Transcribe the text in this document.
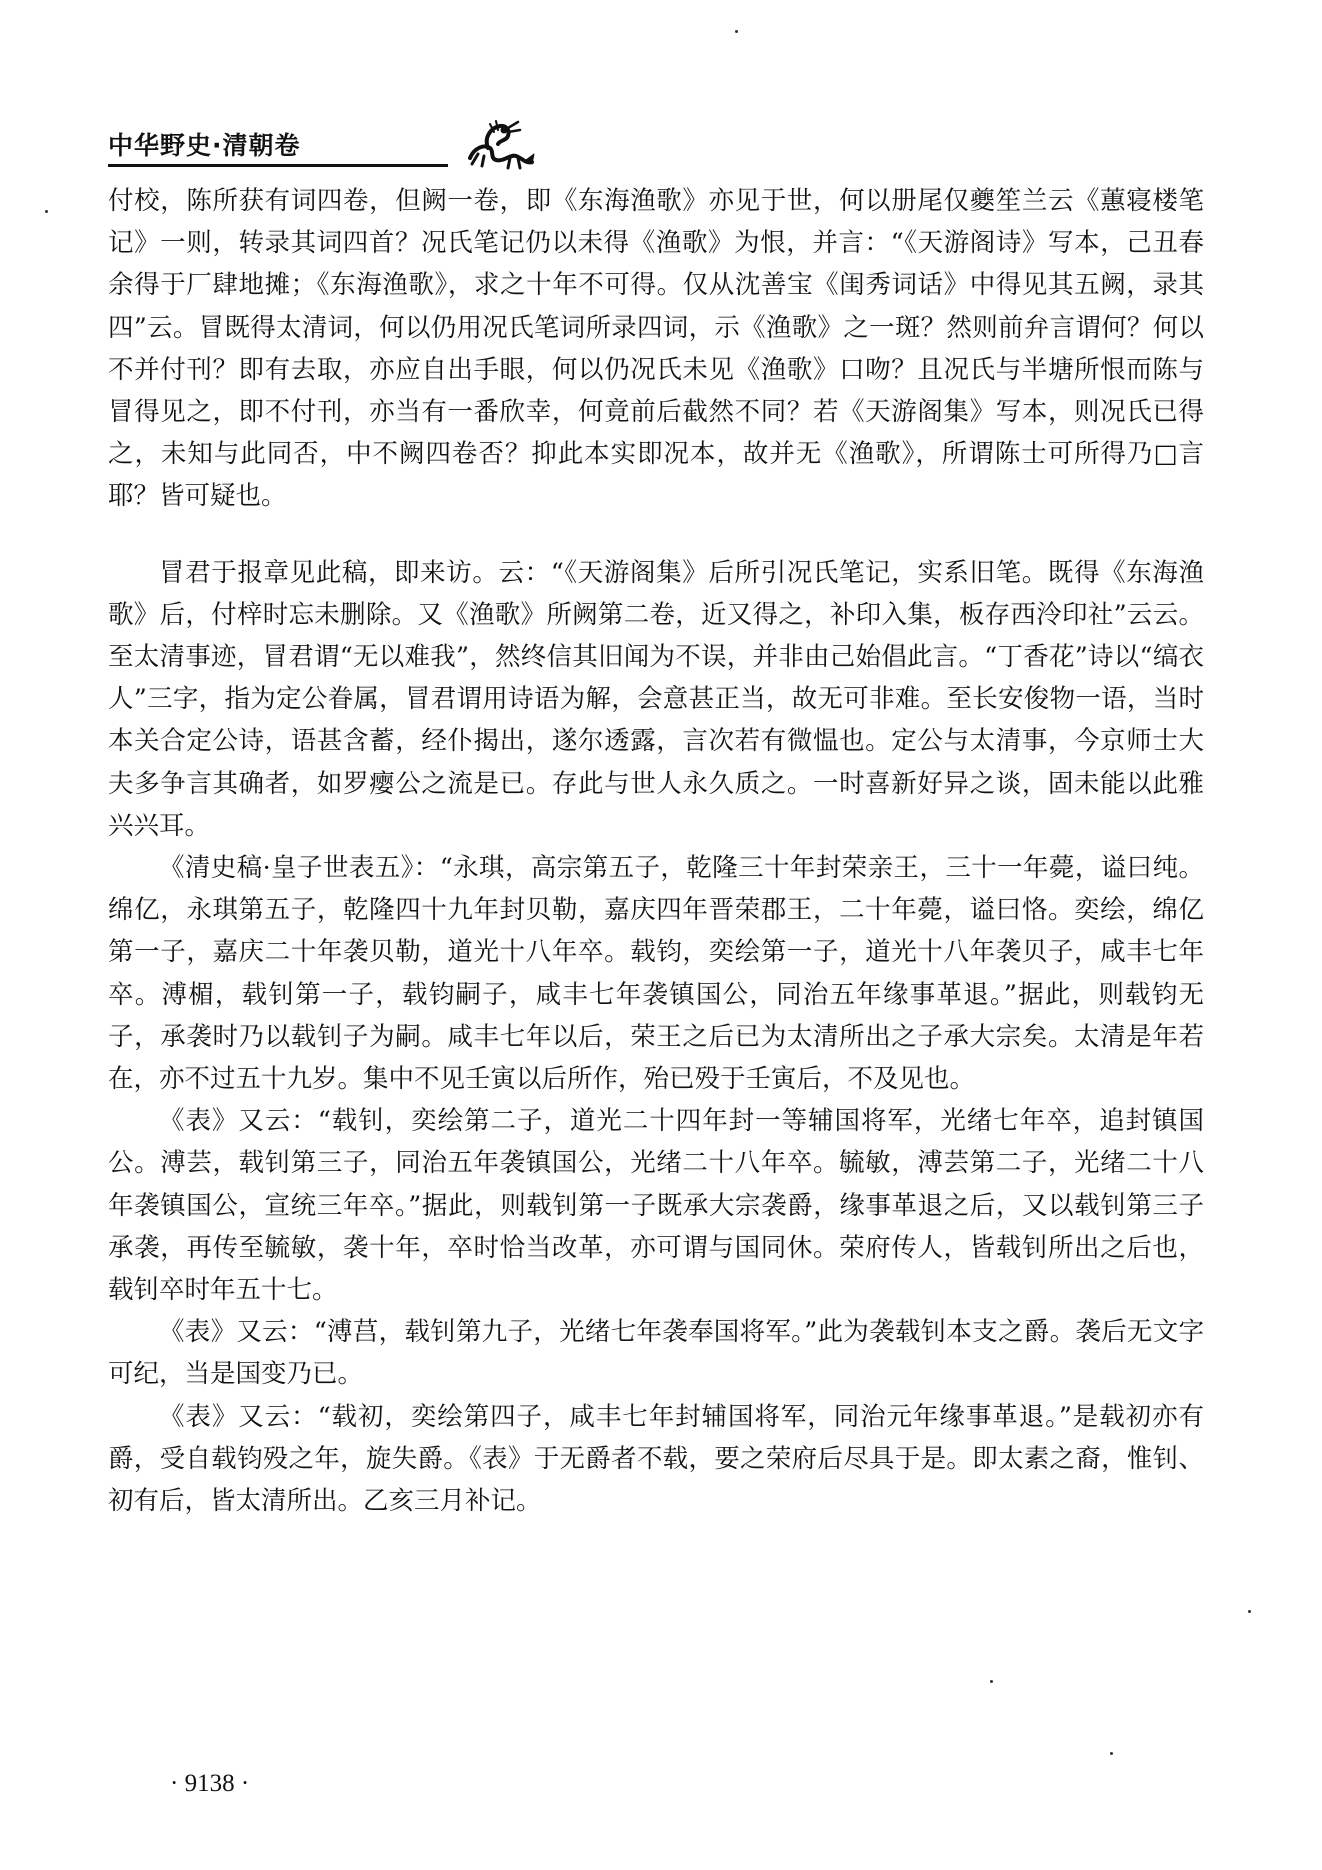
中华野史·清朝卷

付校，陈所获有词四卷，但阙一卷，即《东海渔歌》亦见于世，何以册尾仅夔笙兰云《蕙寝楼笔记》一则，转录其词四首？况氏笔记仍以未得《渔歌》为恨，并言：“《天游阁诗》写本，己丑春余得于厂肆地摊；《东海渔歌》，求之十年不可得。仅从沈善宝《闺秀词话》中得见其五阙，录其四”云。冒既得太清词，何以仍用况氏笔词所录四词，示《渔歌》之一斑？然则前弁言谓何？何以不并付刊？即有去取，亦应自出手眼，何以仍况氏未见《渔歌》口吻？且况氏与半塘所恨而陈与冒得见之，即不付刊，亦当有一番欣幸，何竟前后截然不同？若《天游阁集》写本，则况氏已得之，未知与此同否，中不阙四卷否？抑此本实即况本，故并无《渔歌》，所谓陈士可所得乃□言耶？皆可疑也。

冒君于报章见此稿，即来访。云：“《天游阁集》后所引况氏笔记，实系旧笔。既得《东海渔歌》后，付梓时忘未删除。又《渔歌》所阙第二卷，近又得之，补印入集，板存西泠印社”云云。至太清事迹，冒君谓“无以难我”，然终信其旧闻为不误，并非由己始倡此言。“丁香花”诗以“缟衣人”三字，指为定公眷属，冒君谓用诗语为解，会意甚正当，故无可非难。至长安俊物一语，当时本关合定公诗，语甚含蓄，经仆揭出，遂尔透露，言次若有微愠也。定公与太清事，今京师士大夫多争言其确者，如罗瘿公之流是已。存此与世人永久质之。一时喜新好异之谈，固未能以此雅兴兴耳。

《清史稿·皇子世表五》：“永琪，高宗第五子，乾隆三十年封荣亲王，三十一年薨，谥曰纯。绵亿，永琪第五子，乾隆四十九年封贝勒，嘉庆四年晋荣郡王，二十年薨，谥曰恪。奕绘，绵亿第一子，嘉庆二十年袭贝勒，道光十八年卒。载钧，奕绘第一子，道光十八年袭贝子，咸丰七年卒。溥楣，载钊第一子，载钧嗣子，咸丰七年袭镇国公，同治五年缘事革退。”据此，则载钧无子，承袭时乃以载钊子为嗣。咸丰七年以后，荣王之后已为太清所出之子承大宗矣。太清是年若在，亦不过五十九岁。集中不见壬寅以后所作，殆已殁于壬寅后，不及见也。

《表》又云：“载钊，奕绘第二子，道光二十四年封一等辅国将军，光绪七年卒，追封镇国公。溥芸，载钊第三子，同治五年袭镇国公，光绪二十八年卒。毓敏，溥芸第二子，光绪二十八年袭镇国公，宣统三年卒。”据此，则载钊第一子既承大宗袭爵，缘事革退之后，又以载钊第三子承袭，再传至毓敏，袭十年，卒时恰当改革，亦可谓与国同休。荣府传人，皆载钊所出之后也，载钊卒时年五十七。

《表》又云：“溥莒，载钊第九子，光绪七年袭奉国将军。”此为袭载钊本支之爵。袭后无文字可纪，当是国变乃已。

《表》又云：“载初，奕绘第四子，咸丰七年封辅国将军，同治元年缘事革退。”是载初亦有爵，受自载钧殁之年，旋失爵。《表》于无爵者不载，要之荣府后尽具于是。即太素之裔，惟钊、初有后，皆太清所出。乙亥三月补记。

· 9138 ·
